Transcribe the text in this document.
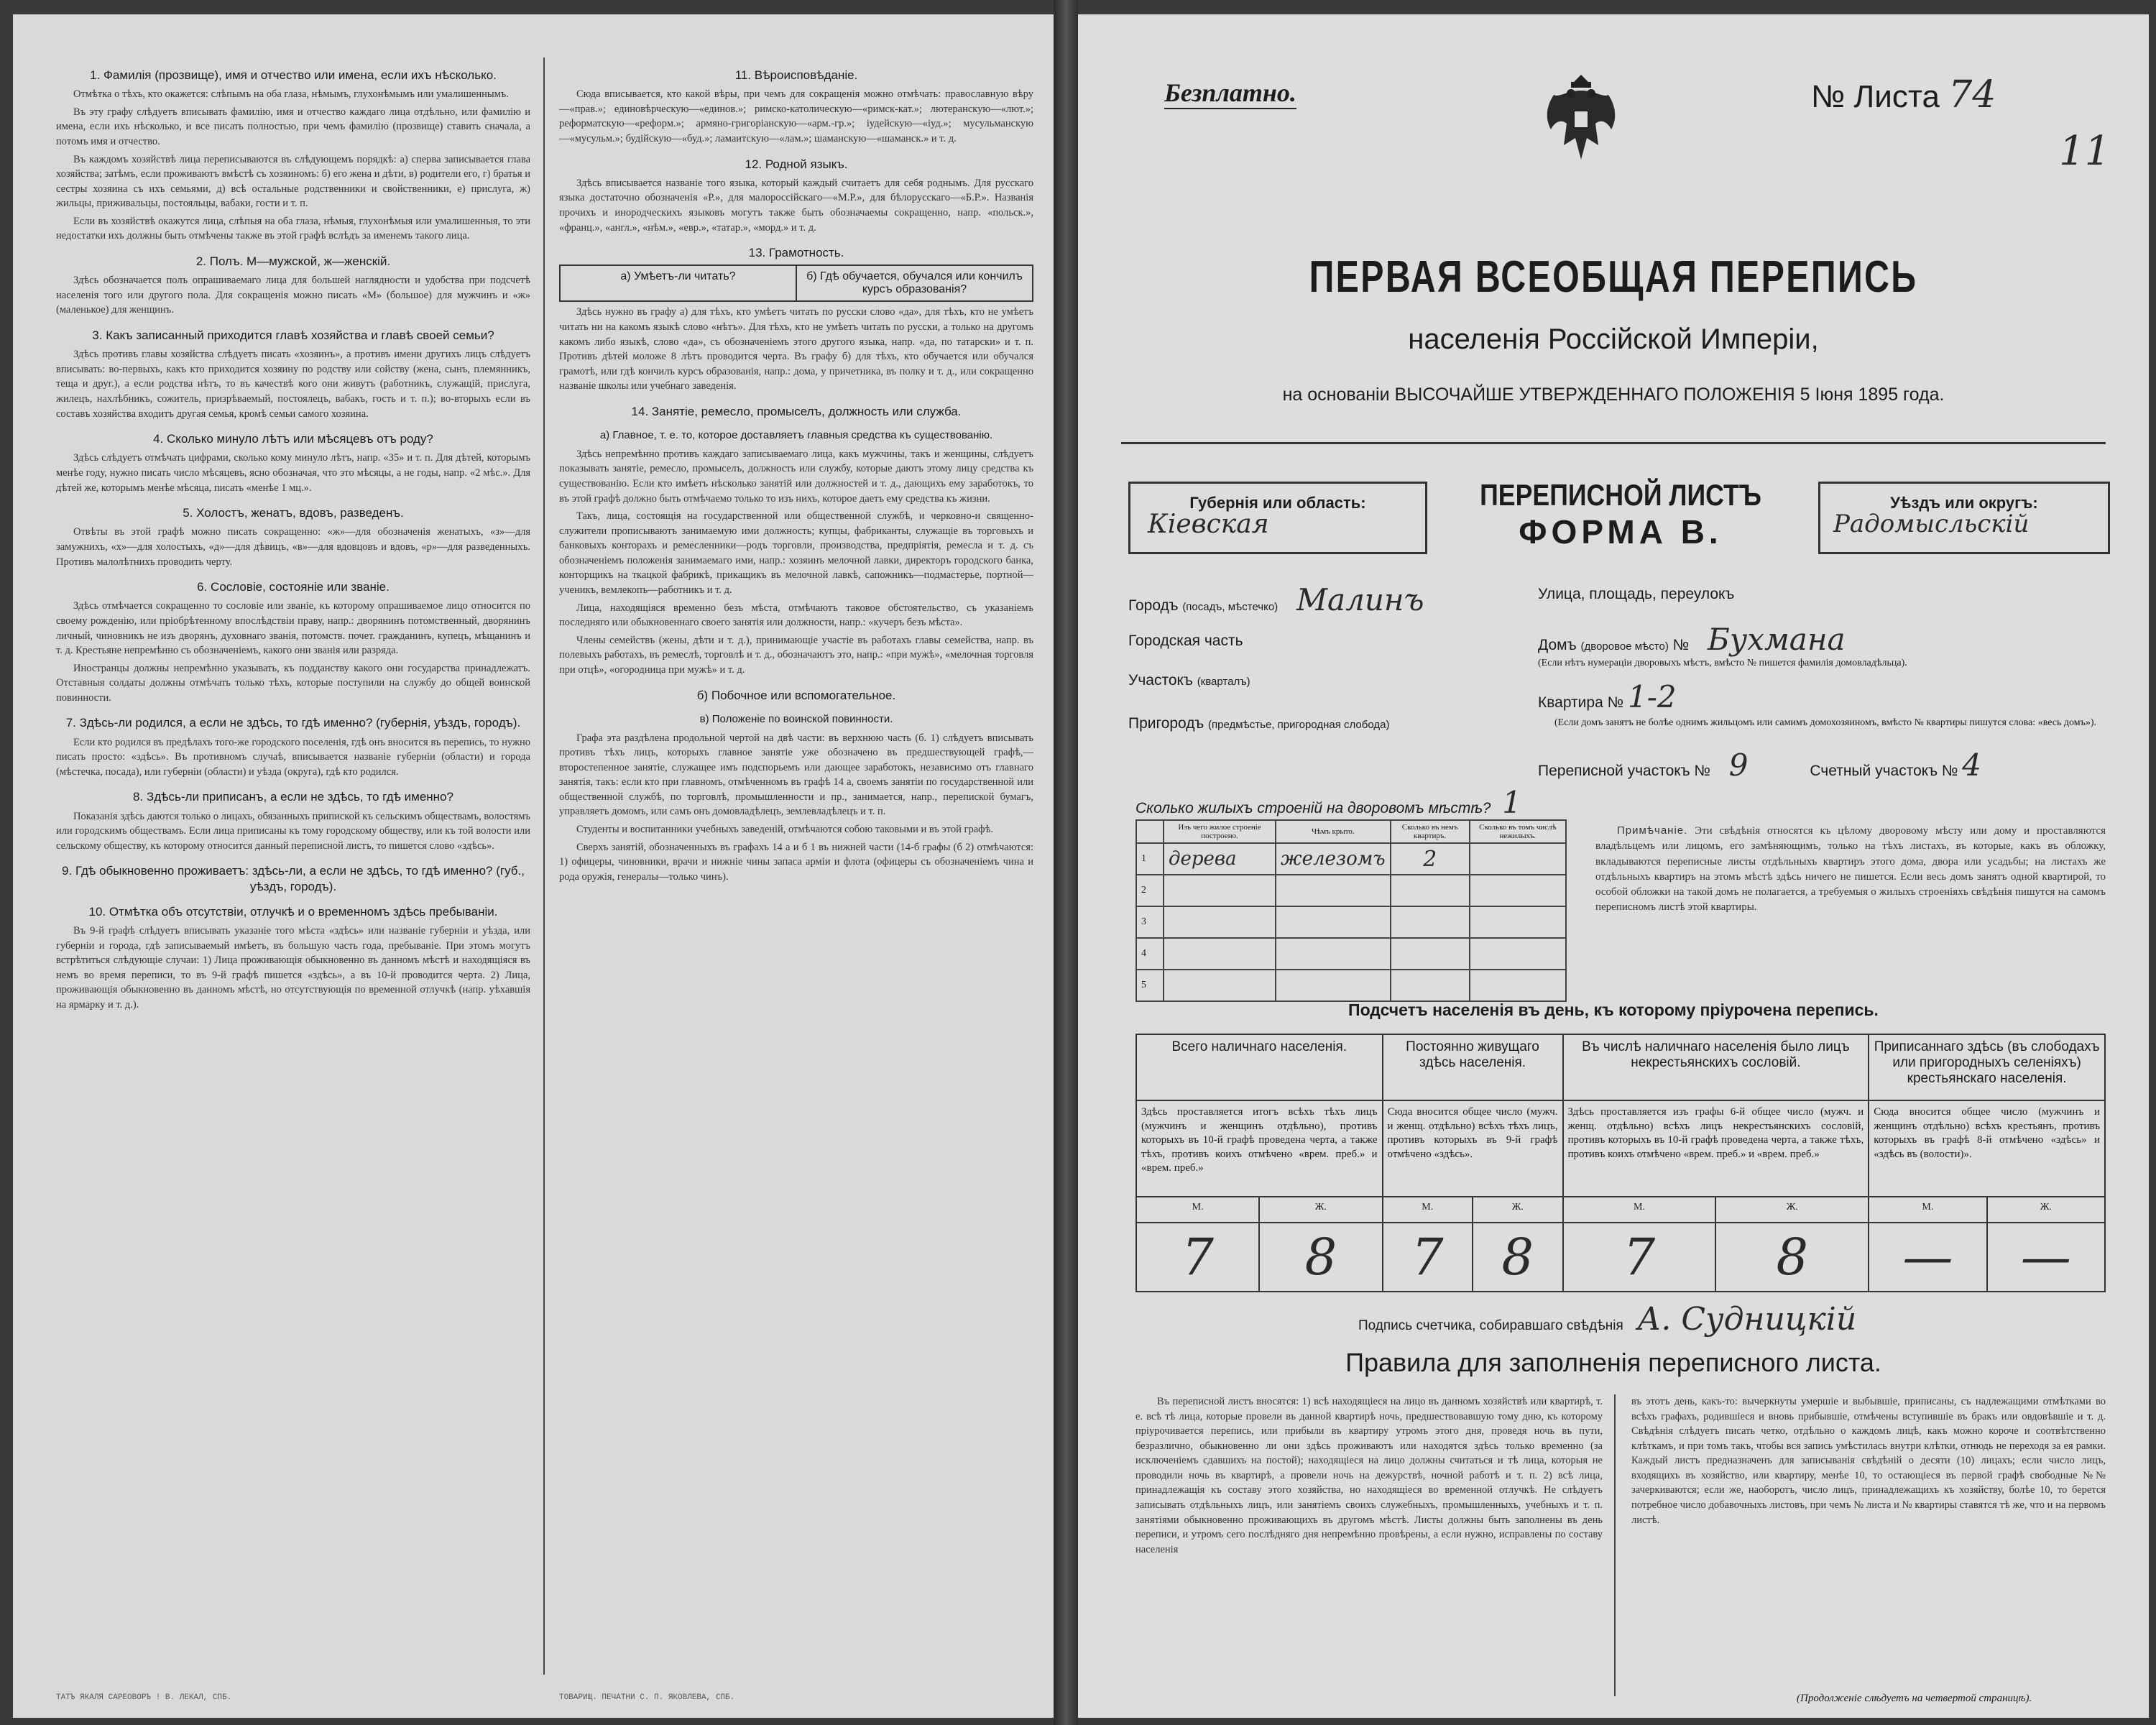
1. Фамилія (прозвище), имя и отчество или имена, если ихъ нѣсколько.

Отмѣтка о тѣхъ, кто окажется: слѣпымъ на оба глаза, нѣмымъ, глухонѣмымъ или умалишеннымъ.

Въ эту графу слѣдуетъ вписывать фамилію, имя и отчество каждаго лица отдѣльно, или фамилію и имена, если ихъ нѣсколько, и все писать полностью, при чемъ фамилію (прозвище) ставить сначала, а потомъ имя и отчество.

Въ каждомъ хозяйствѣ лица переписываются въ слѣдующемъ порядкѣ: а) сперва записывается глава хозяйства; затѣмъ, если проживаютъ вмѣстѣ съ хозяиномъ: б) его жена и дѣти, в) родители его, г) братья и сестры хозяина съ ихъ семьями, д) всѣ остальные родственники и свойственники, е) прислуга, ж) жильцы, приживальцы, постояльцы, вабаки, гости и т. п.

Если въ хозяйствѣ окажутся лица, слѣпыя на оба глаза, нѣмыя, глухонѣмыя или умалишенныя, то эти недостатки ихъ должны быть отмѣчены также въ этой графѣ вслѣдъ за именемъ такого лица.

2. Полъ. М—мужской, ж—женскій.

Здѣсь обозначается полъ опрашиваемаго лица для большей наглядности и удобства при подсчетѣ населенія того или другого пола. Для сокращенія можно писать «М» (большое) для мужчинъ и «ж» (маленькое) для женщинъ.

3. Какъ записанный приходится главѣ хозяйства и главѣ своей семьи?

Здѣсь противъ главы хозяйства слѣдуетъ писать «хозяинъ», а противъ имени другихъ лицъ слѣдуетъ вписывать: во-первыхъ, какъ кто приходится хозяину по родству или сойству (жена, сынъ, племянникъ, теща и друг.), а если родства нѣтъ, то въ качествѣ кого они живутъ (работникъ, служащій, прислуга, жилецъ, нахлѣбникъ, сожитель, призрѣваемый, постоялецъ, вабакъ, гость и т. п.); во-вторыхъ если въ составъ хозяйства входитъ другая семья, кромѣ семьи самого хозяина.

4. Сколько минуло лѣтъ или мѣсяцевъ отъ роду?

Здѣсь слѣдуетъ отмѣчать цифрами, сколько кому минуло лѣтъ, напр. «35» и т. п. Для дѣтей, которымъ менѣе году, нужно писать число мѣсяцевъ, ясно обозначая, что это мѣсяцы, а не годы, напр. «2 мѣс.». Для дѣтей же, которымъ менѣе мѣсяца, писать «менѣе 1 мц.».

5. Холостъ, женатъ, вдовъ, разведенъ.

Отвѣты въ этой графѣ можно писать сокращенно: «ж»—для обозначенія женатыхъ, «з»—для замужнихъ, «х»—для холостыхъ, «д»—для дѣвицъ, «в»—для вдовцовъ и вдовъ, «р»—для разведенныхъ. Противъ малолѣтнихъ проводить черту.

6. Сословіе, состояніе или званіе.

Здѣсь отмѣчается сокращенно то сословіе или званіе, къ которому опрашиваемое лицо относится по своему рожденію, или пріобрѣтенному впослѣдствіи праву, напр.: дворянинъ потомственный, дворянинъ личный, чиновникъ не изъ дворянъ, духовнаго званія, потомств. почет. гражданинъ, купецъ, мѣщанинъ и т. д. Крестьяне непремѣнно съ обозначеніемъ, какого они званія или разряда.

Иностранцы должны непремѣнно указывать, къ подданству какого они государства принадлежатъ. Отставныя солдаты должны отмѣчать только тѣхъ, которые поступили на службу до общей воинской повинности.

7. Здѣсь-ли родился, а если не здѣсь, то гдѣ именно? (губернія, уѣздъ, городъ).

Если кто родился въ предѣлахъ того-же городского поселенія, гдѣ онъ вносится въ перепись, то нужно писать просто: «здѣсь». Въ противномъ случаѣ, вписывается названіе губерніи (области) и города (мѣстечка, посада), или губерніи (области) и уѣзда (округа), гдѣ кто родился.

8. Здѣсь-ли приписанъ, а если не здѣсь, то гдѣ именно?

Показанія здѣсь даются только о лицахъ, обязанныхъ припиской къ сельскимъ обществамъ, волостямъ или городскимъ обществамъ. Если лица приписаны къ тому городскому обществу, или къ той волости или сельскому обществу, къ которому относится данный переписной листъ, то пишется слово «здѣсь».

9. Гдѣ обыкновенно проживаетъ: здѣсь-ли, а если не здѣсь, то гдѣ именно? (губ., уѣздъ, городъ).
10. Отмѣтка объ отсутствіи, отлучкѣ и о временномъ здѣсь пребываніи.

Въ 9-й графѣ слѣдуетъ вписывать указаніе того мѣста «здѣсь» или названіе губерніи и уѣзда, или губерніи и города, гдѣ записываемый имѣетъ, въ большую часть года, пребываніе. При этомъ могутъ встрѣтиться слѣдующіе случаи: 1) Лица проживающія обыкновенно въ данномъ мѣстѣ и находящіяся въ немъ во время переписи, то въ 9-й графѣ пишется «здѣсь», а въ 10-й проводится черта. 2) Лица, проживающія обыкновенно въ данномъ мѣстѣ, но отсутствующія по временной отлучкѣ (напр. уѣхавшія на ярмарку и т. д.).

11. Вѣроисповѣданіе.

Сюда вписывается, кто какой вѣры, при чемъ для сокращенія можно отмѣчать: православную вѣру—«прав.»; единовѣрческую—«единов.»; римско-католическую—«римск-кат.»; лютеранскую—«лют.»; реформатскую—«реформ.»; армяно-григоріанскую—«арм.-гр.»; іудейскую—«іуд.»; мусульманскую—«мусульм.»; будійскую—«буд.»; ламаитскую—«лам.»; шаманскую—«шаманск.» и т. д.

12. Родной языкъ.

Здѣсь вписывается названіе того языка, который каждый считаетъ для себя роднымъ. Для русскаго языка достаточно обозначенія «Р.», для малороссійскаго—«М.Р.», для бѣлорусскаго—«Б.Р.». Названія прочихъ и инородческихъ языковъ могутъ также быть обозначаемы сокращенно, напр. «польск.», «франц.», «англ.», «нѣм.», «евр.», «татар.», «морд.» и т. д.

13. Грамотность.
а) Умѣетъ-ли читать?	б) Гдѣ обучается, обучался или кончилъ курсъ образованія?

Здѣсь нужно въ графу а) для тѣхъ, кто умѣетъ читать по русски слово «да», для тѣхъ, кто не умѣетъ читать ни на какомъ языкѣ слово «нѣтъ». Для тѣхъ, кто не умѣетъ читать по русски, а только на другомъ какомъ либо языкѣ, слово «да», съ обозначеніемъ этого другого языка, напр. «да, по татарски» и т. п. Противъ дѣтей моложе 8 лѣтъ проводится черта. Въ графу б) для тѣхъ, кто обучается или обучался грамотѣ, или гдѣ кончилъ курсъ образованія, напр.: дома, у причетника, въ полку и т. д., или сокращенно названіе школы или учебнаго заведенія.

14. Занятіе, ремесло, промыселъ, должность или служба.
а) Главное, т. е. то, которое доставляетъ главныя средства къ существованію.

Здѣсь непремѣнно противъ каждаго записываемаго лица, какъ мужчины, такъ и женщины, слѣдуетъ показывать занятіе, ремесло, промыселъ, должность или службу, которые даютъ этому лицу средства къ существованію. Если кто имѣетъ нѣсколько занятій или должностей и т. д., дающихъ ему заработокъ, то въ этой графѣ должно быть отмѣчаемо только то изъ нихъ, которое даетъ ему средства къ жизни.

Такъ, лица, состоящія на государственной или общественной службѣ, и черковно-и священно-служители прописываютъ занимаемую ими должность; купцы, фабриканты, служащіе въ торговыхъ и банковыхъ конторахъ и ремесленники—родъ торговли, производства, предпріятія, ремесла и т. д. съ обозначеніемъ положенія занимаемаго ими, напр.: хозяинъ мелочной лавки, директоръ городского банка, конторщикъ на ткацкой фабрикѣ, прикащикъ въ мелочной лавкѣ, сапожникъ—подмастерье, портной—ученикъ, вемлекопъ—работникъ и т. д.

Лица, находящіяся временно безъ мѣста, отмѣчаютъ таковое обстоятельство, съ указаніемъ последняго или обыкновеннаго своего занятія или должности, напр.: «кучеръ безъ мѣста».

Члены семействъ (жены, дѣти и т. д.), принимающіе участіе въ работахъ главы семейства, напр. въ полевыхъ работахъ, въ ремеслѣ, торговлѣ и т. д., обозначаютъ это, напр.: «при мужѣ», «мелочная торговля при отцѣ», «огородница при мужѣ» и т. д.

б) Побочное или вспомогательное.
в) Положеніе по воинской повинности.

Графа эта раздѣлена продольной чертой на двѣ части: въ верхнюю часть (б. 1) слѣдуетъ вписывать противъ тѣхъ лицъ, которыхъ главное занятіе уже обозначено въ предшествующей графѣ,—второстепенное занятіе, служащее имъ подспорьемъ или дающее заработокъ, независимо отъ главнаго занятія, такъ: если кто при главномъ, отмѣченномъ въ графѣ 14 а, своемъ занятіи по государственной или общественной службѣ, по торговлѣ, промышленности и пр., занимается, напр., перепиской бумагъ, управляетъ домомъ, или самъ онъ домовладѣлецъ, землевладѣлецъ и т. п.

Студенты и воспитанники учебныхъ заведеній, отмѣчаются собою таковыми и въ этой графѣ.

Сверхъ занятій, обозначенныхъ въ графахъ 14 а и б 1 въ нижней части (14-б графы (б 2) отмѣчаются: 1) офицеры, чиновники, врачи и нижніе чины запаса арміи и флота (офицеры съ обозначеніемъ чина и рода оружія, генералы—только чинъ).

ТАТЪ ЯКАЛЯ САРЕОВОРЪ ! В. ЛЕКАЛ, СПБ.	ТОВАРИЩ. ПЕЧАТНИ С. П. ЯКОВЛЕВА, СПБ.
Безплатно.	№ Листа 74
11
ПЕРВАЯ ВСЕОБЩАЯ ПЕРЕПИСЬ
населенія Россійской Имперіи,
на основаніи ВЫСОЧАЙШЕ УТВЕРЖДЕННАГО ПОЛОЖЕНІЯ 5 Іюня 1895 года.
Губернія или область:
Кіевская
ПЕРЕПИСНОЙ ЛИСТЪ
ФОРМА В.
Уѣздъ или округъ:
Радомысльскій
Городъ (посадъ, мѣстечко) Малинъ
Городская часть
Участокъ (кварталъ)
Пригородъ (предмѣстье, пригородная слобода)
Улица, площадь, переулокъ
Домъ (дворовое мѣсто) № Бухмана
(Если нѣтъ нумераціи дворовыхъ мѣстъ, вмѣсто № пишется фамилія домовладѣльца).
Квартира № 1-2
(Если домъ занятъ не болѣе однимъ жильцомъ или самимъ домохозяиномъ, вмѣсто № квартиры пишутся слова: «весь домъ»).
Переписной участокъ № 9	Счетный участокъ № 4
Сколько жилыхъ строеній на дворовомъ мѣстѣ? 1
	Изъ чего жилое строеніе построено.	Чѣмъ крыто.	Сколько въ немъ квартиръ.	Сколько въ томъ числѣ нежилыхъ.
1	дерева	железомъ	2	
2				
3				
4				
5				
Примѣчаніе. Эти свѣдѣнія относятся къ цѣлому дворовому мѣсту или дому и проставляются владѣльцемъ или лицомъ, его замѣняющимъ, только на тѣхъ листахъ, въ которые, какъ въ обложку, вкладываются переписные листы отдѣльныхъ квартиръ этого дома, двора или усадьбы; на листахъ же отдѣльныхъ квартиръ на этомъ мѣстѣ здѣсь ничего не пишется. Если весь домъ занятъ одной квартирой, то особой обложки на такой домъ не полагается, а требуемыя о жилыхъ строеніяхъ свѣдѣнія пишутся на самомъ переписномъ листѣ этой квартиры.
Подсчетъ населенія въ день, къ которому пріурочена перепись.
Всего наличнаго населенія.		Постоянно живущаго здѣсь населенія.		Въ числѣ наличнаго населенія было лицъ некрестьянскихъ сословій.		Приписаннаго здѣсь (въ слободахъ или пригородныхъ селеніяхъ) крестьянскаго населенія.	
Здѣсь проставляется итогъ всѣхъ тѣхъ лицъ (мужчинъ и женщинъ отдѣльно), противъ которыхъ въ 10-й графѣ проведена черта, а также тѣхъ, противъ коихъ отмѣчено «врем. преб.» и «врем. преб.»		Сюда вносится общее число (мужч. и женщ. отдѣльно) всѣхъ тѣхъ лицъ, противъ которыхъ въ 9-й графѣ отмѣчено «здѣсь».		Здѣсь проставляется изъ графы 6-й общее число (мужч. и женщ. отдѣльно) всѣхъ лицъ некрестьянскихъ сословій, противъ которыхъ въ 10-й графѣ проведена черта, а также тѣхъ, противъ коихъ отмѣчено «врем. преб.» и «врем. преб.»		Сюда вносится общее число (мужчинъ и женщинъ отдѣльно) всѣхъ крестьянъ, противъ которыхъ въ графѣ 8-й отмѣчено «здѣсь» и «здѣсь въ (волости)».	
М.	Ж.	М.	Ж.	М.	Ж.	М.	Ж.
7	8	7	8	7	8	—	—
Подпись счетчика, собиравшаго свѣдѣнія А. Судницкій
Правила для заполненія переписного листа.
Въ переписной листъ вносятся: 1) всѣ находящіеся на лицо въ данномъ хозяйствѣ или квартирѣ, т. е. всѣ тѣ лица, которые провели въ данной квартирѣ ночь, предшествовавшую тому дню, къ которому пріурочивается перепись, или прибыли въ квартиру утромъ этого дня, проведя ночь въ пути, безразлично, обыкновенно ли они здѣсь проживаютъ или находятся здѣсь только временно (за исключеніемъ сдавшихъ на постой); находящіеся на лицо должны считаться и тѣ лица, которыя не проводили ночь въ квартирѣ, а провели ночь на дежурствѣ, ночной работѣ и т. п. 2) всѣ лица, принадлежащія къ составу этого хозяйства, но находящіеся во временной отлучкѣ. Не слѣдуетъ записывать отдѣльныхъ лицъ, или занятіемъ своихъ служебныхъ, промышленныхъ, учебныхъ и т. п. занятіями обыкновенно проживающихъ въ другомъ мѣстѣ. Листы должны быть заполнены въ день переписи, и утромъ сего послѣдняго дня непремѣнно провѣрены, а если нужно, исправлены по составу населенія
въ этотъ день, какъ-то: вычеркнуты умершіе и выбывшіе, приписаны, съ надлежащими отмѣтками во всѣхъ графахъ, родившіеся и вновь прибывшіе, отмѣчены вступившіе въ бракъ или овдовѣвшіе и т. д. Свѣдѣнія слѣдуетъ писать четко, отдѣльно о каждомъ лицѣ, какъ можно короче и соотвѣтственно клѣткамъ, и при томъ такъ, чтобы вся запись умѣстилась внутри клѣтки, отнюдь не переходя за ея рамки. Каждый листъ предназначенъ для записыванія свѣдѣній о десяти (10) лицахъ; если число лицъ, входящихъ въ хозяйство, или квартиру, менѣе 10, то остающіеся въ первой графѣ свободные №№ зачеркиваются; если же, наоборотъ, число лицъ, принадлежащихъ къ хозяйству, болѣе 10, то берется потребное число добавочныхъ листовъ, при чемъ № листа и № квартиры ставятся тѣ же, что и на первомъ листѣ.
(Продолженіе слѣдуетъ на четвертой страницѣ).
